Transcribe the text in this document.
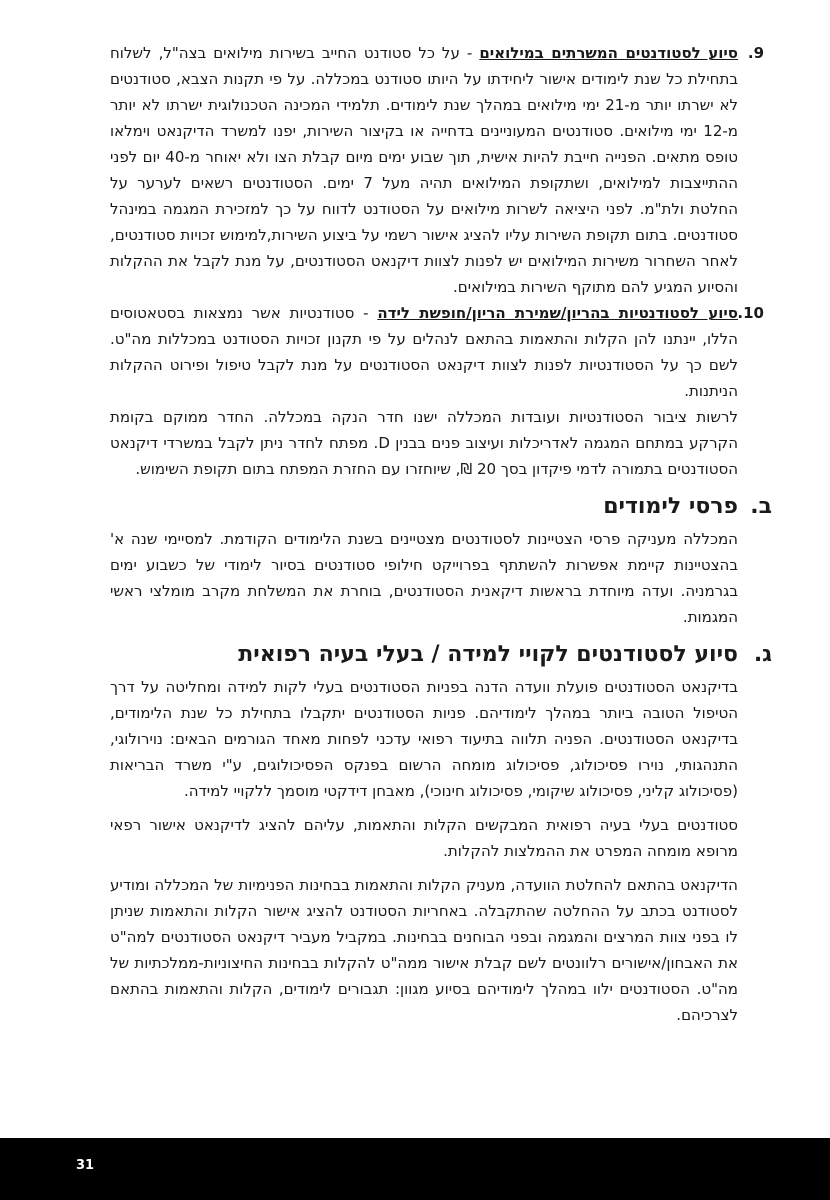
9.

סיוע לסטודנטים המשרתים במילואים - על כל סטודנט החייב בשירות מילואים בצה"ל, לשלוח בתחילת כל שנת לימודים אישור ליחידתו על היותו סטודנט במכללה. על פי תקנות הצבא, סטודנטים לא ישרתו יותר מ-21 ימי מילואים במהלך שנת לימודים. תלמידי המכינה הטכנולוגית ישרתו לא יותר מ-12 ימי מילואים. סטודנטים המעוניינים בדחייה או בקיצור השירות, יפנו למשרד הדיקנאט וימלאו טופס מתאים. הפנייה חייבת להיות אישית, תוך שבוע ימים מיום קבלת הצו ולא יאוחר מ-40 יום לפני ההתייצבות למילואים, ושתקופת המילואים תהיה מעל 7 ימים. הסטודנטים רשאים לערער על החלטת ולת"מ. לפני היציאה לשרות מילואים על הסטודנט לדווח על כך למזכירת המגמה במינהל סטודנטים. בתום תקופת השירות עליו להציג אישור רשמי על ביצוע השירות,למימוש זכויות סטודנטים, לאחר השחרור משירות המילואים יש לפנות לצוות דיקנאט הסטודנטים, על מנת לקבל את ההקלות והסיוע המגיע להם מתוקף השירות במילואים.

10.

סיוע לסטודנטיות בהריון/שמירת הריון/חופשת לידה - סטודנטיות אשר נמצאות בסטאטוסים הללו, יינתנו להן הקלות והתאמות בהתאם לנהלים על פי תקנון זכויות הסטודנט במכללות מה"ט. לשם כך על הסטודנטיות לפנות לצוות דיקנאט הסטודנטים על מנת לקבל טיפול ופירוט ההקלות הניתנות.

לרשות ציבור הסטודנטיות ועובדות המכללה ישנו חדר הנקה במכללה. החדר ממוקם בקומת הקרקע במתחם המגמה לאדריכלות ועיצוב פנים בבנין D. מפתח לחדר ניתן לקבל במשרדי דיקנאט הסטודנטים בתמורה לדמי פיקדון בסך 20 ₪, שיוחזרו עם החזרת המפתח בתום תקופת השימוש.

ב.
פרסי לימודים

המכללה מעניקה פרסי הצטיינות לסטודנטים מצטיינים בשנת הלימודים הקודמת. למסיימי שנה א' בהצטיינות קיימת אפשרות להשתתף בפרוייקט חילופי סטודנטים בסיור לימודי של כשבוע ימים בגרמניה. ועדה מיוחדת בראשות דיקאנית הסטודנטים, בוחרת את המשלחת מקרב מומלצי ראשי המגמות.

ג.
סיוע לסטודנטים לקויי למידה / בעלי בעיה רפואית

בדיקנאט הסטודנטים פועלת וועדה הדנה בפניות הסטודנטים בעלי לקות למידה ומחליטה על דרך הטיפול הטובה ביותר במהלך לימודיהם. פניות הסטודנטים יתקבלו בתחילת כל שנת הלימודים, בדיקנאט הסטודנטים. הפניה תלווה בתיעוד רפואי עדכני לפחות מאחד הגורמים הבאים: נוירולוגי, התנהגותי, נוירו פסיכולוג, פסיכולוג מומחה הרשום בפנקס הפסיכולוגים, ע"י משרד הבריאות (פסיכולוג קליני, פסיכולוג שיקומי, פסיכולוג חינוכי), מאבחן דידקטי מוסמך ללקויי למידה.

סטודנטים בעלי בעיה רפואית המבקשים הקלות והתאמות, עליהם להציג לדיקנאט אישור רפאי מרופא מומחה המפרט את ההמלצות להקלות.

הדיקנאט בהתאם להחלטת הוועדה, מעניק הקלות והתאמות בבחינות הפנימיות של המכללה ומודיע לסטודנט בכתב על ההחלטה שהתקבלה. באחריות הסטודנט להציג אישור הקלות והתאמות שניתן לו בפני צוות המרצים והמגמה ובפני הבוחנים בבחינות. במקביל מעביר דיקנאט הסטודנטים למה"ט את האבחון/אישורים רלוונטים לשם קבלת אישור ממה"ט להקלות בבחינות החיצוניות-ממלכתיות של מה"ט. הסטודנטים ילוו במהלך לימודיהם בסיוע מגוון: תגבורים לימודים, הקלות והתאמות בהתאם לצרכיהם.

31
